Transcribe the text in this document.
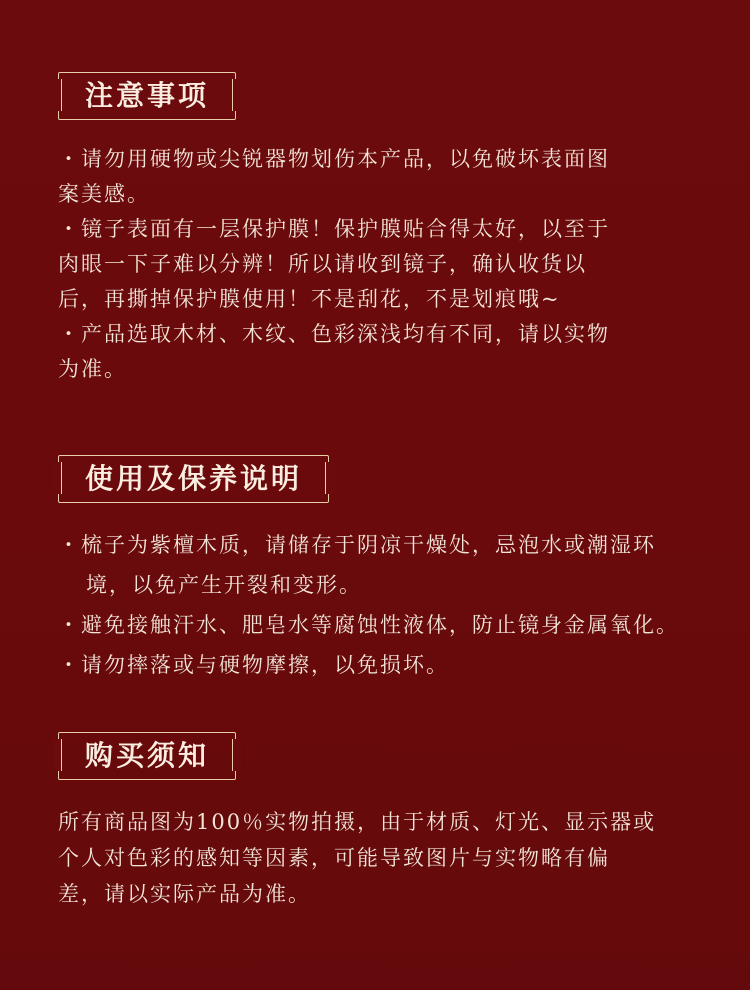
注意事项
・请勿用硬物或尖锐器物划伤本产品，以免破坏表面图
案美感。
・镜子表面有一层保护膜！保护膜贴合得太好，以至于
肉眼一下子难以分辨！所以请收到镜子，确认收货以
后，再撕掉保护膜使用！不是刮花，不是划痕哦~
・产品选取木材、木纹、色彩深浅均有不同，请以实物
为准。
使用及保养说明
・梳子为紫檀木质，请储存于阴凉干燥处，忌泡水或潮湿环
境，以免产生开裂和变形。
・避免接触汗水、肥皂水等腐蚀性液体，防止镜身金属氧化。
・请勿摔落或与硬物摩擦，以免损坏。
购买须知
所有商品图为100％实物拍摄，由于材质、灯光、显示器或
个人对色彩的感知等因素，可能导致图片与实物略有偏
差，请以实际产品为准。
